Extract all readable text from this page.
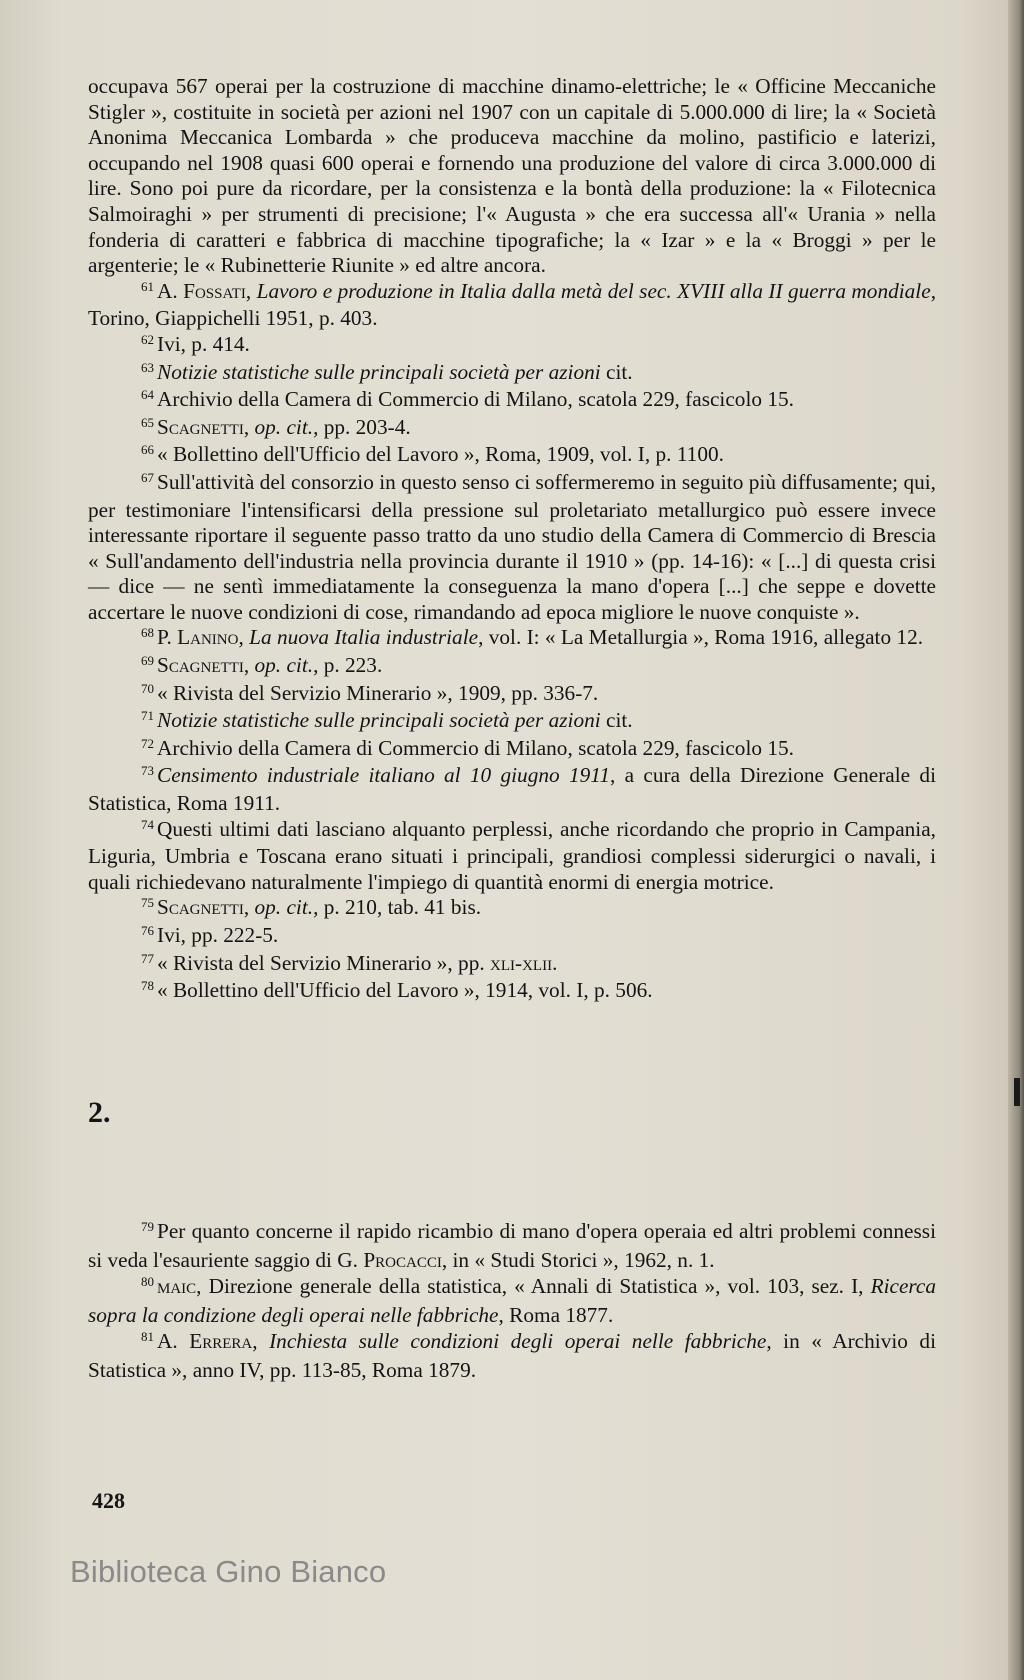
occupava 567 operai per la costruzione di macchine dinamo-elettriche; le « Officine Meccaniche Stigler », costituite in società per azioni nel 1907 con un capitale di 5.000.000 di lire; la « Società Anonima Meccanica Lombarda » che produceva macchine da molino, pastificio e laterizi, occupando nel 1908 quasi 600 operai e fornendo una produzione del valore di circa 3.000.000 di lire. Sono poi pure da ricordare, per la consistenza e la bontà della produzione: la « Filotecnica Salmoiraghi » per strumenti di precisione; l'« Augusta » che era successa all'« Urania » nella fonderia di caratteri e fabbrica di macchine tipografiche; la « Izar » e la « Broggi » per le argenterie; le « Rubinetterie Riunite » ed altre ancora.

$^{61}$ A. Fossati, Lavoro e produzione in Italia dalla metà del sec. XVIII alla II guerra mondiale, Torino, Giappichelli 1951, p. 403.

$^{62}$ Ivi, p. 414.

$^{63}$ Notizie statistiche sulle principali società per azioni cit.

$^{64}$ Archivio della Camera di Commercio di Milano, scatola 229, fascicolo 15.

$^{65}$ Scagnetti, op. cit., pp. 203-4.

$^{66}$ « Bollettino dell'Ufficio del Lavoro », Roma, 1909, vol. I, p. 1100.

$^{67}$ Sull'attività del consorzio in questo senso ci soffermeremo in seguito più diffusamente; qui, per testimoniare l'intensificarsi della pressione sul proletariato metallurgico può essere invece interessante riportare il seguente passo tratto da uno studio della Camera di Commercio di Brescia « Sull'andamento dell'industria nella provincia durante il 1910 » (pp. 14-16): « [...] di questa crisi — dice — ne sentì immediatamente la conseguenza la mano d'opera [...] che seppe e dovette accertare le nuove condizioni di cose, rimandando ad epoca migliore le nuove conquiste ».

$^{68}$ P. Lanino, La nuova Italia industriale, vol. I: « La Metallurgia », Roma 1916, allegato 12.

$^{69}$ Scagnetti, op. cit., p. 223.

$^{70}$ « Rivista del Servizio Minerario », 1909, pp. 336-7.

$^{71}$ Notizie statistiche sulle principali società per azioni cit.

$^{72}$ Archivio della Camera di Commercio di Milano, scatola 229, fascicolo 15.

$^{73}$ Censimento industriale italiano al 10 giugno 1911, a cura della Direzione Generale di Statistica, Roma 1911.

$^{74}$ Questi ultimi dati lasciano alquanto perplessi, anche ricordando che proprio in Campania, Liguria, Umbria e Toscana erano situati i principali, grandiosi complessi siderurgici o navali, i quali richiedevano naturalmente l'impiego di quantità enormi di energia motrice.

$^{75}$ Scagnetti, op. cit., p. 210, tab. 41 bis.

$^{76}$ Ivi, pp. 222-5.

$^{77}$ « Rivista del Servizio Minerario », pp. xli-xlii.

$^{78}$ « Bollettino dell'Ufficio del Lavoro », 1914, vol. I, p. 506.

2.

$^{79}$ Per quanto concerne il rapido ricambio di mano d'opera operaia ed altri problemi connessi si veda l'esauriente saggio di G. Procacci, in « Studi Storici », 1962, n. 1.

$^{80}$ maic, Direzione generale della statistica, « Annali di Statistica », vol. 103, sez. I, Ricerca sopra la condizione degli operai nelle fabbriche, Roma 1877.

$^{81}$ A. Errera, Inchiesta sulle condizioni degli operai nelle fabbriche, in « Archivio di Statistica », anno IV, pp. 113-85, Roma 1879.

428
Biblioteca Gino Bianco
